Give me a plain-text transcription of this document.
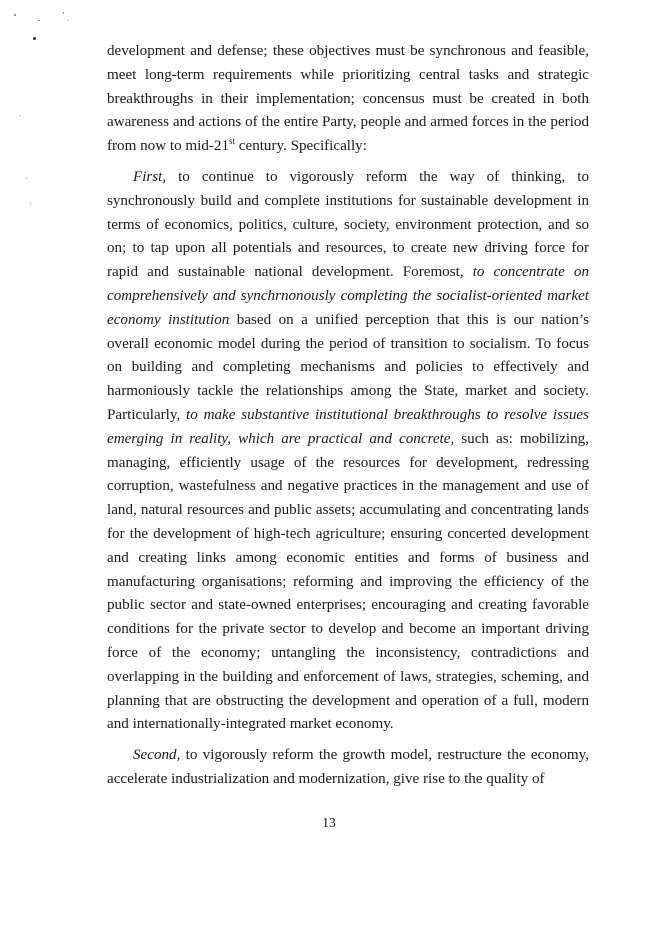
development and defense; these objectives must be synchronous and feasible, meet long-term requirements while prioritizing central tasks and strategic breakthroughs in their implementation; concensus must be created in both awareness and actions of the entire Party, people and armed forces in the period from now to mid-21st century. Specifically:

First, to continue to vigorously reform the way of thinking, to synchronously build and complete institutions for sustainable development in terms of economics, politics, culture, society, environment protection, and so on; to tap upon all potentials and resources, to create new driving force for rapid and sustainable national development. Foremost, to concentrate on comprehensively and synchrnonously completing the socialist-oriented market economy institution based on a unified perception that this is our nation’s overall economic model during the period of transition to socialism. To focus on building and completing mechanisms and policies to effectively and harmoniously tackle the relationships among the State, market and society. Particularly, to make substantive institutional breakthroughs to resolve issues emerging in reality, which are practical and concrete, such as: mobilizing, managing, efficiently usage of the resources for development, redressing corruption, wastefulness and negative practices in the management and use of land, natural resources and public assets; accumulating and concentrating lands for the development of high-tech agriculture; ensuring concerted development and creating links among economic entities and forms of business and manufacturing organisations; reforming and improving the efficiency of the public sector and state-owned enterprises; encouraging and creating favorable conditions for the private sector to develop and become an important driving force of the economy; untangling the inconsistency, contradictions and overlapping in the building and enforcement of laws, strategies, scheming, and planning that are obstructing the development and operation of a full, modern and internationally-integrated market economy.

Second, to vigorously reform the growth model, restructure the economy, accelerate industrialization and modernization, give rise to the quality of

13
